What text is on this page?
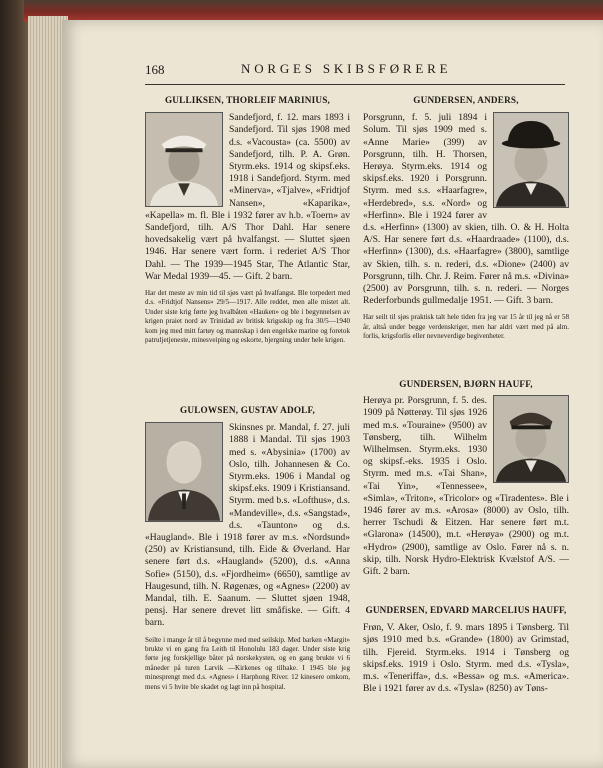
168	NORGES SKIBSFØRERE
GULLIKSEN, THORLEIF MARINIUS,
Sandefjord, f. 12. mars 1893 i Sandefjord. Til sjøs 1908 med d.s. «Vacousta» (ca. 5500) av Sandefjord, tilh. P. A. Grøn. Styrm.eks. 1914 og skipsf.eks. 1918 i Sandefjord. Styrm. med «Minerva», «Tjalve», «Fridtjof Nansen», «Kaparika», «Kapella» m. fl. Ble i 1932 fører av h.b. «Toern» av Sandefjord, tilh. A/S Thor Dahl. Har senere hovedsakelig vært på hvalfangst. — Sluttet sjøen 1946. Har senere vært form. i rederiet A/S Thor Dahl. — The 1939—1945 Star, The Atlantic Star, War Medal 1939—45. — Gift. 2 barn.
Har det meste av min tid til sjøs vært på hvalfangst. Ble torpedert med d.s. «Fridtjof Nansens» 29/5—1917. Alle reddet, men alle mistet alt. Under siste krig førte jeg hvalbåten «Hauken» og ble i begynnelsen av krigen praiet nord av Trinidad av britisk krigsskip og fra 30/5—1940 kom jeg med mitt fartøy og mannskap i den engelske marine og foretok patruljetjeneste, minesveiping og eskorte, bjergning under hele krigen.
GULOWSEN, GUSTAV ADOLF,
Skinsnes pr. Mandal, f. 27. juli 1888 i Mandal. Til sjøs 1903 med s. «Abysinia» (1700) av Oslo, tilh. Johannesen & Co. Styrm.eks. 1906 i Mandal og skipsf.eks. 1909 i Kristiansand. Styrm. med b.s. «Lofthus», d.s. «Mandeville», d.s. «Sangstad», d.s. «Taunton» og d.s. «Haugland». Ble i 1918 fører av m.s. «Nordsund» (250) av Kristiansund, tilh. Eide & Øverland. Har senere ført d.s. «Haugland» (5200), d.s. «Anna Sofie» (5150), d.s. «Fjordheim» (6650), samtlige av Haugesund, tilh. N. Røgenæs, og «Agnes» (2200) av Mandal, tilh. E. Saanum. — Sluttet sjøen 1948, pensj. Har senere drevet litt småfiske. — Gift. 4 barn.
Seilte i mange år til å begynne med med seilskip. Med barken «Margit» brukte vi en gang fra Leith til Honolulu 183 dager. Under siste krig førte jeg forskjellige båter på norskekysten, og en gang brukte vi 6 måneder på turen Larvik —Kirkenes og tilbake. I 1945 ble jeg minesprengt med d.s. «Agnes» i Harphong River. 12 kinesere omkom, mens vi 5 hvite ble skadet og lagt inn på hospital.
GUNDERSEN, ANDERS,
Porsgrunn, f. 5. juli 1894 i Solum. Til sjøs 1909 med s. «Anne Marie» (399) av Porsgrunn, tilh. H. Thorsen, Herøya. Styrm.eks. 1914 og skipsf.eks. 1920 i Porsgrunn. Styrm. med s.s. «Haarfagre», «Herdebred», s.s. «Nord» og «Herfinn». Ble i 1924 fører av d.s. «Herfinn» (1300) av skien, tilh. O. & H. Holta A/S. Har senere ført d.s. «Haardraade» (1100), d.s. «Herfinn» (1300), d.s. «Haarfagre» (3800), samtlige av Skien, tilh. s. n. rederi, d.s. «Dione» (2400) av Porsgrunn, tilh. Chr. J. Reim. Fører nå m.s. «Divina» (2500) av Porsgrunn, tilh. s. n. rederi. — Norges Rederforbunds gullmedalje 1951. — Gift. 3 barn.
Har seilt til sjøs praktisk talt hele tiden fra jeg var 15 år til jeg nå er 58 år, altså under begge verdenskriger, men har aldri vært med på alm. forlis, krigsforlis eller nevneverdige begivenheter.
GUNDERSEN, BJØRN HAUFF,
Herøya pr. Porsgrunn, f. 5. des. 1909 på Nøtterøy. Til sjøs 1926 med m.s. «Touraine» (9500) av Tønsberg, tilh. Wilhelm Wilhelmsen. Styrm.eks. 1930 og skipsf.-eks. 1935 i Oslo. Styrm. med m.s. «Tai Shan», «Tai Yin», «Tennessee», «Simla», «Triton», «Tricolor» og «Tiradentes». Ble i 1946 fører av m.s. «Arosa» (8000) av Oslo, tilh. herrer Tschudi & Eitzen. Har senere ført m.t. «Glarona» (14500), m.t. «Herøya» (2900) og m.t. «Hydro» (2900), samtlige av Oslo. Fører nå s. n. skip, tilh. Norsk Hydro-Elektrisk Kvælstof A/S. — Gift. 2 barn.
GUNDERSEN, EDVARD MARCELIUS HAUFF,
Frøn, V. Aker, Oslo, f. 9. mars 1895 i Tønsberg. Til sjøs 1910 med b.s. «Grande» (1800) av Grimstad, tilh. Fjereid. Styrm.eks. 1914 i Tønsberg og skipsf.eks. 1919 i Oslo. Styrm. med d.s. «Tysla», m.s. «Teneriffa», d.s. «Bessa» og m.s. «America». Ble i 1921 fører av d.s. «Tysla» (8250) av Tøns-
